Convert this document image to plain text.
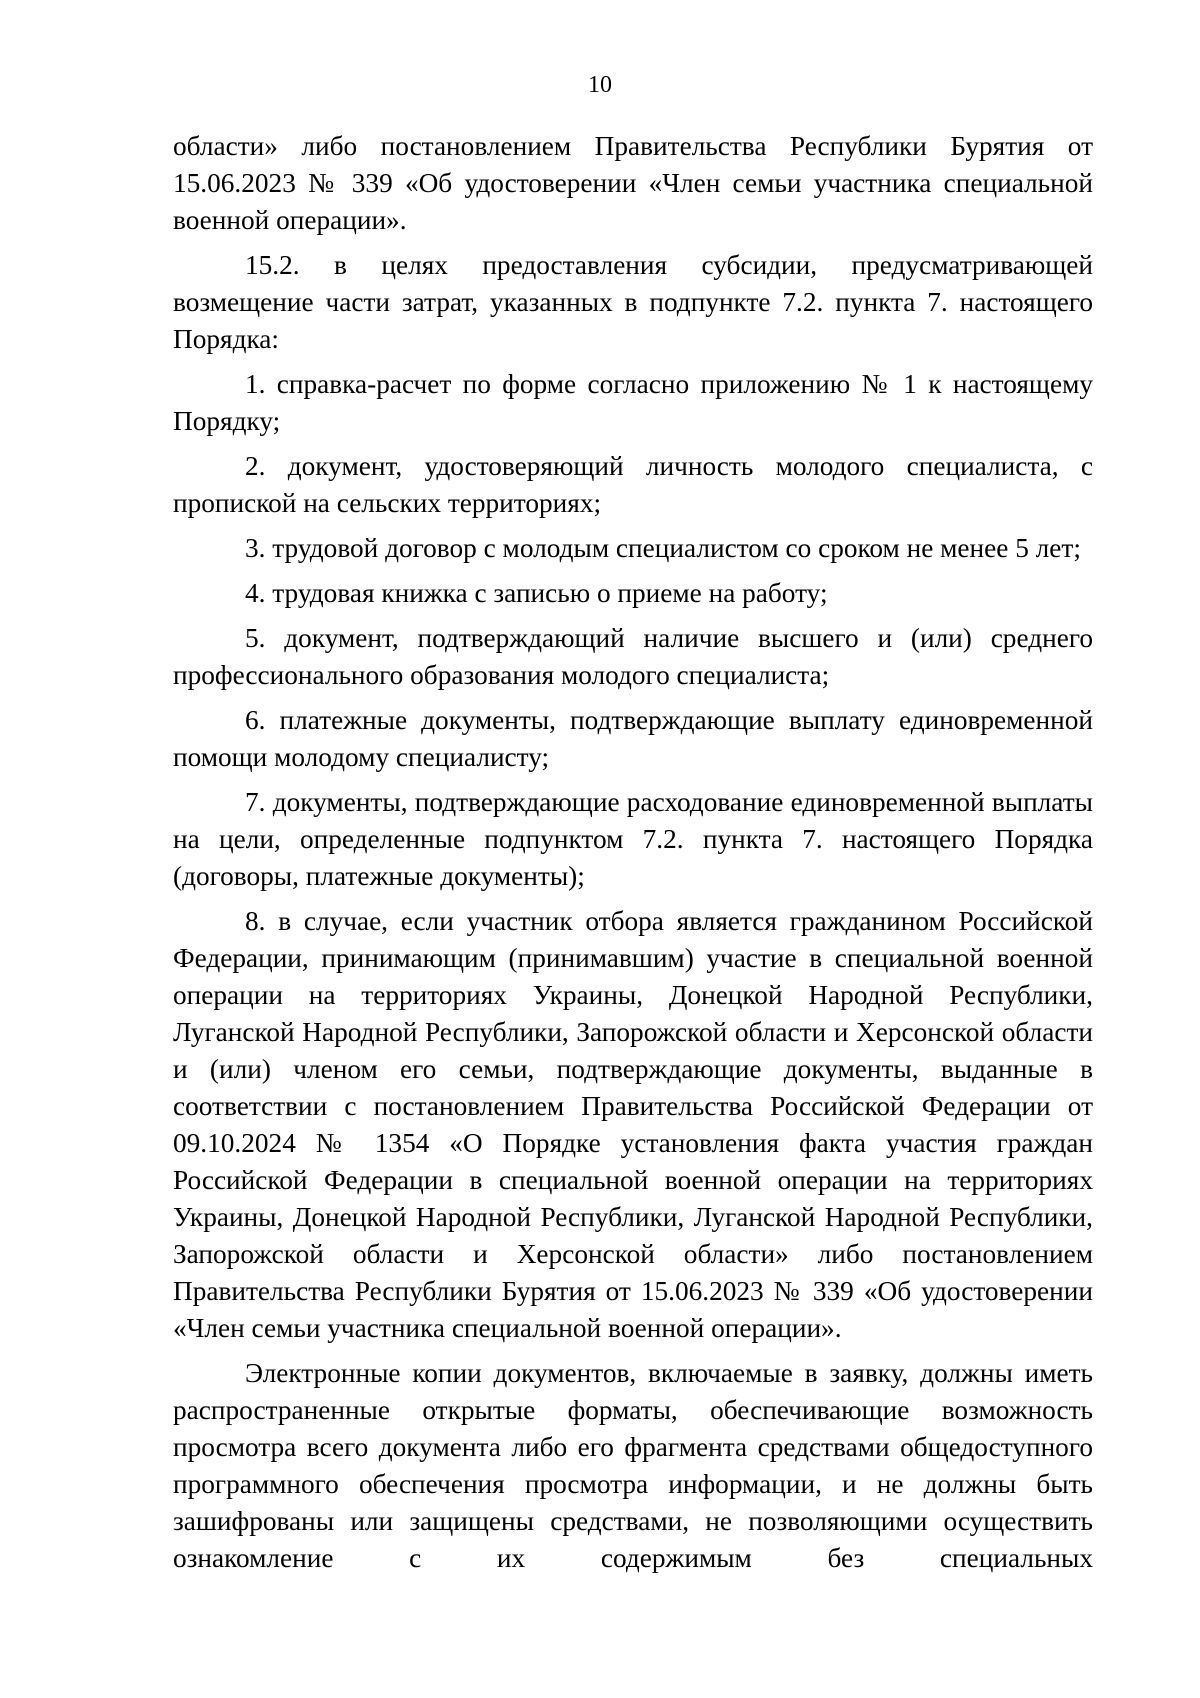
10

области» либо постановлением Правительства Республики Бурятия от 15.06.2023 № 339 «Об удостоверении «Член семьи участника специальной военной операции».

15.2. в целях предоставления субсидии, предусматривающей возмещение части затрат, указанных в подпункте 7.2. пункта 7. настоящего Порядка:

1. справка-расчет по форме согласно приложению № 1 к настоящему Порядку;

2. документ, удостоверяющий личность молодого специалиста, с пропиской на сельских территориях;

3. трудовой договор с молодым специалистом со сроком не менее 5 лет;

4. трудовая книжка с записью о приеме на работу;

5. документ, подтверждающий наличие высшего и (или) среднего профессионального образования молодого специалиста;

6. платежные документы, подтверждающие выплату единовременной помощи молодому специалисту;

7. документы, подтверждающие расходование единовременной выплаты на цели, определенные подпунктом 7.2. пункта 7. настоящего Порядка (договоры, платежные документы);

8. в случае, если участник отбора является гражданином Российской Федерации, принимающим (принимавшим) участие в специальной военной операции на территориях Украины, Донецкой Народной Республики, Луганской Народной Республики, Запорожской области и Херсонской области и (или) членом его семьи, подтверждающие документы, выданные в соответствии с постановлением Правительства Российской Федерации от 09.10.2024 № 1354 «О Порядке установления факта участия граждан Российской Федерации в специальной военной операции на территориях Украины, Донецкой Народной Республики, Луганской Народной Республики, Запорожской области и Херсонской области» либо постановлением Правительства Республики Бурятия от 15.06.2023 № 339 «Об удостоверении «Член семьи участника специальной военной операции».

Электронные копии документов, включаемые в заявку, должны иметь распространенные открытые форматы, обеспечивающие возможность просмотра всего документа либо его фрагмента средствами общедоступного программного обеспечения просмотра информации, и не должны быть зашифрованы или защищены средствами, не позволяющими осуществить ознакомление с их содержимым без специальных
